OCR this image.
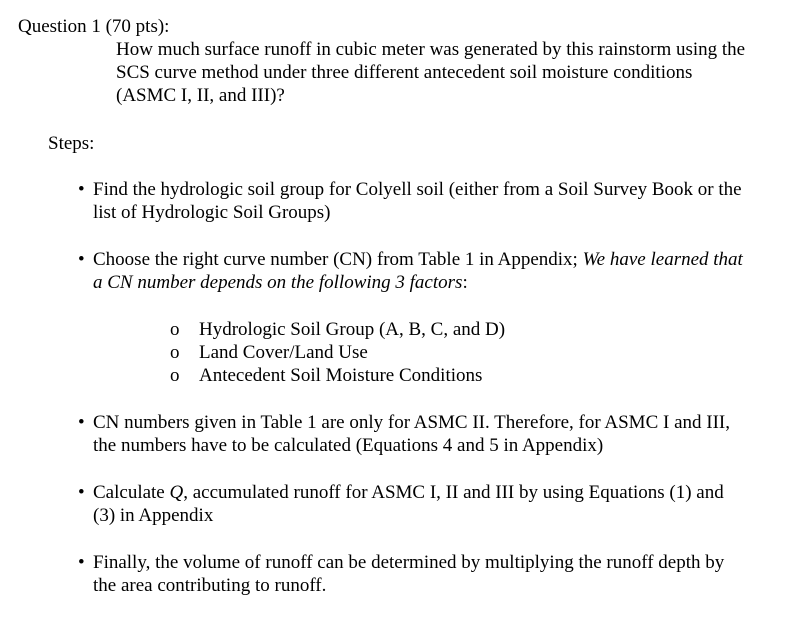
Question 1 (70 pts):
How much surface runoff in cubic meter was generated by this rainstorm using the
SCS curve method under three different antecedent soil moisture conditions
(ASMC I, II, and III)?
Steps:
• Find the hydrologic soil group for Colyell soil (either from a Soil Survey Book or the
list of Hydrologic Soil Groups)
• Choose the right curve number (CN) from Table 1 in Appendix; We have learned that
a CN number depends on the following 3 factors:
o Hydrologic Soil Group (A, B, C, and D)
o Land Cover/Land Use
o Antecedent Soil Moisture Conditions
• CN numbers given in Table 1 are only for ASMC II. Therefore, for ASMC I and III,
the numbers have to be calculated (Equations 4 and 5 in Appendix)
• Calculate Q, accumulated runoff for ASMC I, II and III by using Equations (1) and
(3) in Appendix
• Finally, the volume of runoff can be determined by multiplying the runoff depth by
the area contributing to runoff.
